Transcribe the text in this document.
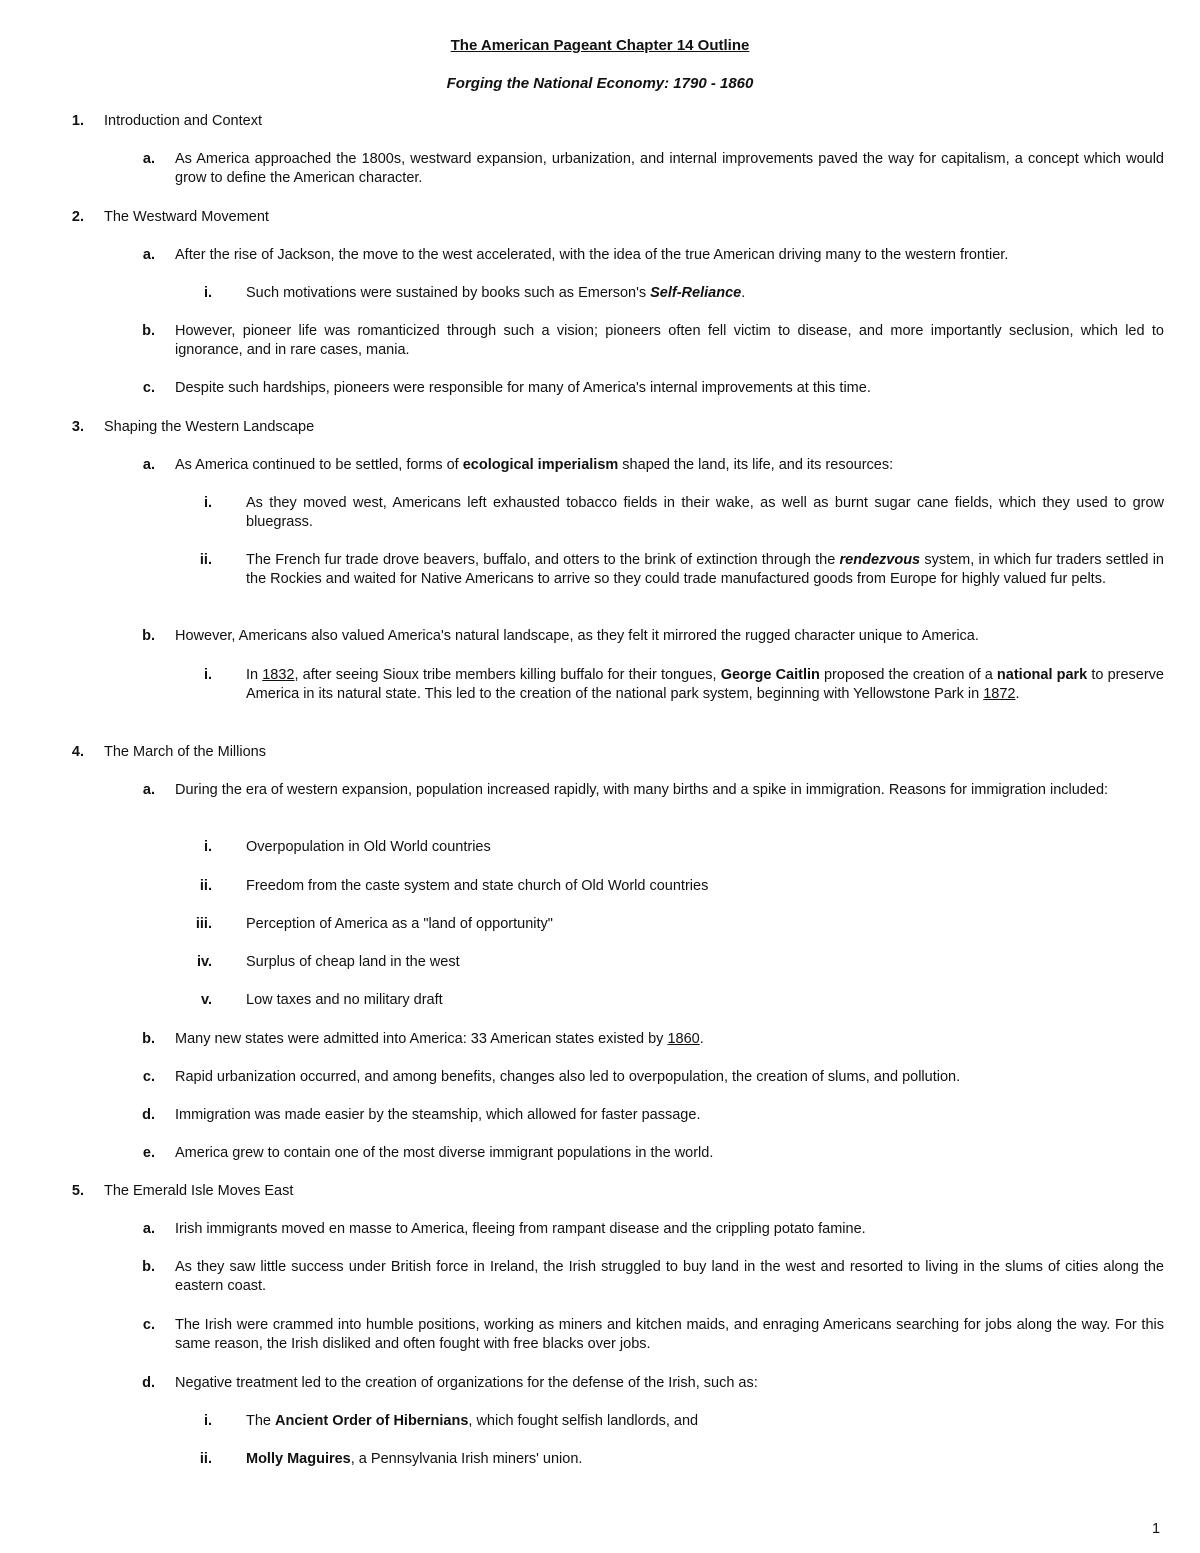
The American Pageant Chapter 14 Outline
Forging the National Economy: 1790 - 1860
1. Introduction and Context
a. As America approached the 1800s, westward expansion, urbanization, and internal improvements paved the way for capitalism, a concept which would grow to define the American character.
2. The Westward Movement
a. After the rise of Jackson, the move to the west accelerated, with the idea of the true American driving many to the western frontier.
i. Such motivations were sustained by books such as Emerson's Self-Reliance.
b. However, pioneer life was romanticized through such a vision; pioneers often fell victim to disease, and more importantly seclusion, which led to ignorance, and in rare cases, mania.
c. Despite such hardships, pioneers were responsible for many of America's internal improvements at this time.
3. Shaping the Western Landscape
a. As America continued to be settled, forms of ecological imperialism shaped the land, its life, and its resources:
i. As they moved west, Americans left exhausted tobacco fields in their wake, as well as burnt sugar cane fields, which they used to grow bluegrass.
ii. The French fur trade drove beavers, buffalo, and otters to the brink of extinction through the rendezvous system, in which fur traders settled in the Rockies and waited for Native Americans to arrive so they could trade manufactured goods from Europe for highly valued fur pelts.
b. However, Americans also valued America's natural landscape, as they felt it mirrored the rugged character unique to America.
i. In 1832, after seeing Sioux tribe members killing buffalo for their tongues, George Caitlin proposed the creation of a national park to preserve America in its natural state. This led to the creation of the national park system, beginning with Yellowstone Park in 1872.
4. The March of the Millions
a. During the era of western expansion, population increased rapidly, with many births and a spike in immigration. Reasons for immigration included:
i. Overpopulation in Old World countries
ii. Freedom from the caste system and state church of Old World countries
iii. Perception of America as a "land of opportunity"
iv. Surplus of cheap land in the west
v. Low taxes and no military draft
b. Many new states were admitted into America: 33 American states existed by 1860.
c. Rapid urbanization occurred, and among benefits, changes also led to overpopulation, the creation of slums, and pollution.
d. Immigration was made easier by the steamship, which allowed for faster passage.
e. America grew to contain one of the most diverse immigrant populations in the world.
5. The Emerald Isle Moves East
a. Irish immigrants moved en masse to America, fleeing from rampant disease and the crippling potato famine.
b. As they saw little success under British force in Ireland, the Irish struggled to buy land in the west and resorted to living in the slums of cities along the eastern coast.
c. The Irish were crammed into humble positions, working as miners and kitchen maids, and enraging Americans searching for jobs along the way. For this same reason, the Irish disliked and often fought with free blacks over jobs.
d. Negative treatment led to the creation of organizations for the defense of the Irish, such as:
i. The Ancient Order of Hibernians, which fought selfish landlords, and
ii. Molly Maguires, a Pennsylvania Irish miners' union.
1
